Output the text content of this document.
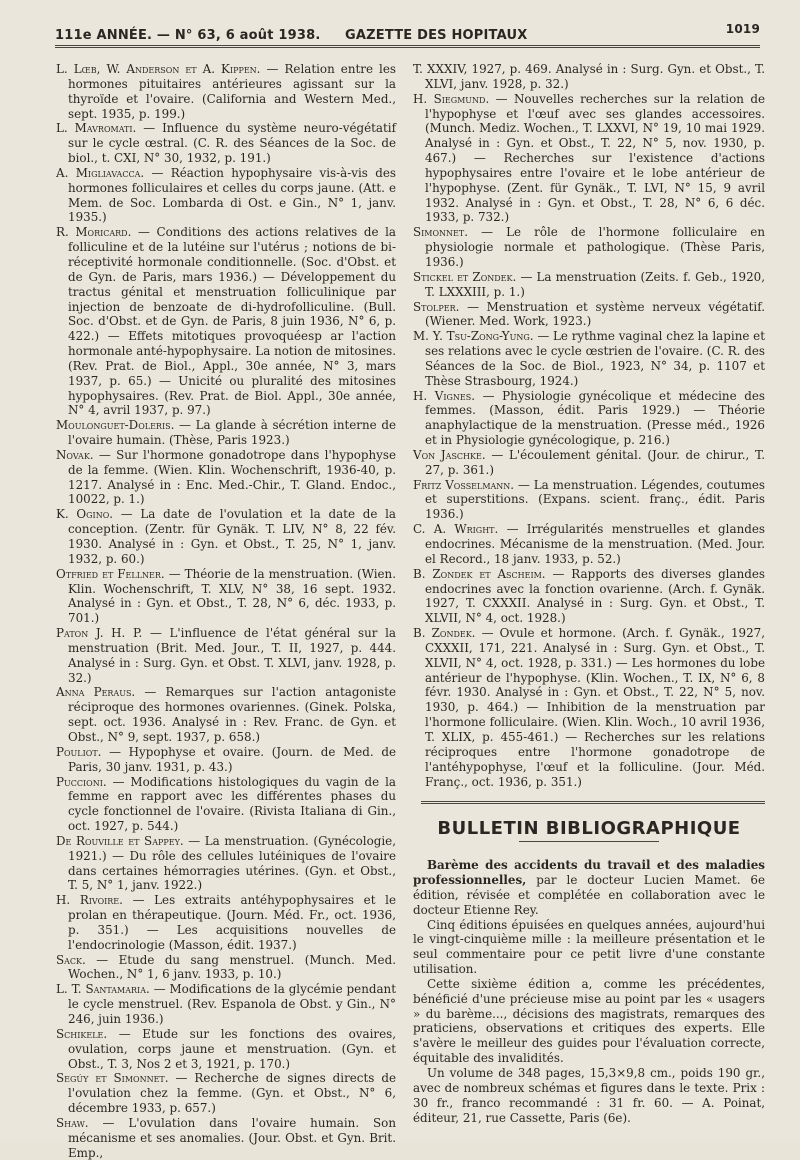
111e ANNÉE. — N° 63, 6 août 1938. GAZETTE DES HOPITAUX	1019

L. Lœb, W. Anderson et A. Kippen. — Relation entre les hormones pituitaires antérieures agissant sur la thyroïde et l'ovaire. (California and Western Med., sept. 1935, p. 199.)

L. Mavromati. — Influence du système neuro-végétatif sur le cycle œstral. (C. R. des Séances de la Soc. de biol., t. CXI, N° 30, 1932, p. 191.)

A. Migliavacca. — Réaction hypophysaire vis-à-vis des hormones folliculaires et celles du corps jaune. (Att. e Mem. de Soc. Lombarda di Ost. e Gin., N° 1, janv. 1935.)

R. Moricard. — Conditions des actions relatives de la folliculine et de la lutéine sur l'utérus ; notions de bi-réceptivité hormonale conditionnelle. (Soc. d'Obst. et de Gyn. de Paris, mars 1936.) — Développement du tractus génital et menstruation folliculinique par injection de benzoate de di-hydrofolliculine. (Bull. Soc. d'Obst. et de Gyn. de Paris, 8 juin 1936, N° 6, p. 422.) — Effets mitotiques provoquéesp ar l'action hormonale anté-hypophysaire. La notion de mitosines. (Rev. Prat. de Biol., Appl., 30e année, N° 3, mars 1937, p. 65.) — Unicité ou pluralité des mitosines hypophysaires. (Rev. Prat. de Biol. Appl., 30e année, N° 4, avril 1937, p. 97.)

Moulonguet-Doleris. — La glande à sécrétion interne de l'ovaire humain. (Thèse, Paris 1923.)

Novak. — Sur l'hormone gonadotrope dans l'hypophyse de la femme. (Wien. Klin. Wochenschrift, 1936-40, p. 1217. Analysé in : Enc. Med.-Chir., T. Gland. Endoc., 10022, p. 1.)

K. Ogino. — La date de l'ovulation et la date de la conception. (Zentr. für Gynäk. T. LIV, N° 8, 22 fév. 1930. Analysé in : Gyn. et Obst., T. 25, N° 1, janv. 1932, p. 60.)

Otfried et Fellner. — Théorie de la menstruation. (Wien. Klin. Wochenschrift, T. XLV, N° 38, 16 sept. 1932. Analysé in : Gyn. et Obst., T. 28, N° 6, déc. 1933, p. 701.)

Paton J. H. P. — L'influence de l'état général sur la menstruation (Brit. Med. Jour., T. II, 1927, p. 444. Analysé in : Surg. Gyn. et Obst. T. XLVI, janv. 1928, p. 32.)

Anna Peraus. — Remarques sur l'action antagoniste réciproque des hormones ovariennes. (Ginek. Polska, sept. oct. 1936. Analysé in : Rev. Franc. de Gyn. et Obst., N° 9, sept. 1937, p. 658.)

Pouliot. — Hypophyse et ovaire. (Journ. de Med. de Paris, 30 janv. 1931, p. 43.)

Puccioni. — Modifications histologiques du vagin de la femme en rapport avec les différentes phases du cycle fonctionnel de l'ovaire. (Rivista Italiana di Gin., oct. 1927, p. 544.)

De Rouville et Sappey. — La menstruation. (Gynécologie, 1921.) — Du rôle des cellules lutéiniques de l'ovaire dans certaines hémorragies utérines. (Gyn. et Obst., T. 5, N° 1, janv. 1922.)

H. Rivoire. — Les extraits antéhypophysaires et le prolan en thérapeutique. (Journ. Méd. Fr., oct. 1936, p. 351.) — Les acquisitions nouvelles de l'endocrinologie (Masson, édit. 1937.)

Sack. — Etude du sang menstruel. (Munch. Med. Wochen., N° 1, 6 janv. 1933, p. 10.)

L. T. Santamaria. — Modifications de la glycémie pendant le cycle menstruel. (Rev. Espanola de Obst. y Gin., N° 246, juin 1936.)

Schikele. — Etude sur les fonctions des ovaires, ovulation, corps jaune et menstruation. (Gyn. et Obst., T. 3, Nos 2 et 3, 1921, p. 170.)

Segúy et Simonnet. — Recherche de signes directs de l'ovulation chez la femme. (Gyn. et Obst., N° 6, décembre 1933, p. 657.)

Shaw. — L'ovulation dans l'ovaire humain. Son mécanisme et ses anomalies. (Jour. Obst. et Gyn. Brit. Emp.,

T. XXXIV, 1927, p. 469. Analysé in : Surg. Gyn. et Obst., T. XLVI, janv. 1928, p. 32.)

H. Siegmund. — Nouvelles recherches sur la relation de l'hypophyse et l'œuf avec ses glandes accessoires. (Munch. Mediz. Wochen., T. LXXVI, N° 19, 10 mai 1929. Analysé in : Gyn. et Obst., T. 22, N° 5, nov. 1930, p. 467.) — Recherches sur l'existence d'actions hypophysaires entre l'ovaire et le lobe antérieur de l'hypophyse. (Zent. für Gynäk., T. LVI, N° 15, 9 avril 1932. Analysé in : Gyn. et Obst., T. 28, N° 6, 6 déc. 1933, p. 732.)

Simonnet. — Le rôle de l'hormone folliculaire en physiologie normale et pathologique. (Thèse Paris, 1936.)

Stickel et Zondek. — La menstruation (Zeits. f. Geb., 1920, T. LXXXIII, p. 1.)

Stolper. — Menstruation et système nerveux végétatif. (Wiener. Med. Work, 1923.)

M. Y. Tsu-Zong-Yung. — Le rythme vaginal chez la lapine et ses relations avec le cycle œstrien de l'ovaire. (C. R. des Séances de la Soc. de Biol., 1923, N° 34, p. 1107 et Thèse Strasbourg, 1924.)

H. Vignes. — Physiologie gynécolique et médecine des femmes. (Masson, édit. Paris 1929.) — Théorie anaphylactique de la menstruation. (Presse méd., 1926 et in Physiologie gynécologique, p. 216.)

Von Jaschke. — L'écoulement génital. (Jour. de chirur., T. 27, p. 361.)

Fritz Vosselmann. — La menstruation. Légendes, coutumes et superstitions. (Expans. scient. franç., édit. Paris 1936.)

C. A. Wright. — Irrégularités menstruelles et glandes endocrines. Mécanisme de la menstruation. (Med. Jour. el Record., 18 janv. 1933, p. 52.)

B. Zondek et Ascheim. — Rapports des diverses glandes endocrines avec la fonction ovarienne. (Arch. f. Gynäk. 1927, T. CXXXII. Analysé in : Surg. Gyn. et Obst., T. XLVII, N° 4, oct. 1928.)

B. Zondek. — Ovule et hormone. (Arch. f. Gynäk., 1927, CXXXII, 171, 221. Analysé in : Surg. Gyn. et Obst., T. XLVII, N° 4, oct. 1928, p. 331.) — Les hormones du lobe antérieur de l'hypophyse. (Klin. Wochen., T. IX, N° 6, 8 févr. 1930. Analysé in : Gyn. et Obst., T. 22, N° 5, nov. 1930, p. 464.) — Inhibition de la menstruation par l'hormone folliculaire. (Wien. Klin. Woch., 10 avril 1936, T. XLIX, p. 455-461.) — Recherches sur les relations réciproques entre l'hormone gonadotrope de l'antéhypophyse, l'œuf et la folliculine. (Jour. Méd. Franç., oct. 1936, p. 351.)

BULLETIN BIBLIOGRAPHIQUE

Barème des accidents du travail et des maladies professionnelles, par le docteur Lucien Mamet. 6e édition, révisée et complétée en collaboration avec le docteur Etienne Rey.

Cinq éditions épuisées en quelques années, aujourd'hui le vingt-cinquième mille : la meilleure présentation et le seul commentaire pour ce petit livre d'une constante utilisation.

Cette sixième édition a, comme les précédentes, bénéficié d'une précieuse mise au point par les « usagers » du barème..., décisions des magistrats, remarques des praticiens, observations et critiques des experts. Elle s'avère le meilleur des guides pour l'évaluation correcte, équitable des invalidités.

Un volume de 348 pages, 15,3×9,8 cm., poids 190 gr., avec de nombreux schémas et figures dans le texte. Prix : 30 fr., franco recommandé : 31 fr. 60. — A. Poinat, éditeur, 21, rue Cassette, Paris (6e).
